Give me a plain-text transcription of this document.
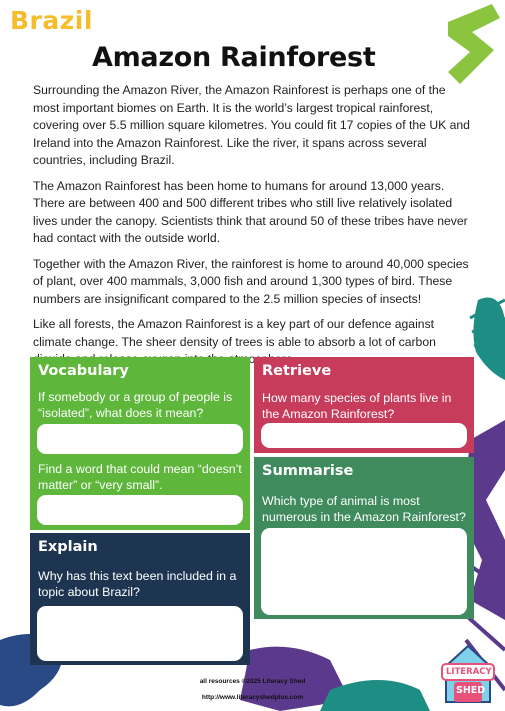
Brazil
Amazon Rainforest

Surrounding the Amazon River, the Amazon Rainforest is perhaps one of the most important biomes on Earth. It is the world’s largest tropical rainforest, covering over 5.5 million square kilometres. You could fit 17 copies of the UK and Ireland into the Amazon Rainforest. Like the river, it spans across several countries, including Brazil.

The Amazon Rainforest has been home to humans for around 13,000 years. There are between 400 and 500 different tribes who still live relatively isolated lives under the canopy. Scientists think that around 50 of these tribes have never had contact with the outside world.

Together with the Amazon River, the rainforest is home to around 40,000 species of plant, over 400 mammals, 3,000 fish and around 1,300 types of bird. These numbers are insignificant compared to the 2.5 million species of insects!

Like all forests, the Amazon Rainforest is a key part of our defence against climate change. The sheer density of trees is able to absorb a lot of carbon

Vocabulary
If somebody or a group of people is “isolated”, what does it mean?
Find a word that could mean “doesn’t matter” or “very small”.
Retrieve
How many species of plants live in the Amazon Rainforest?
Summarise
Which type of animal is most numerous in the Amazon Rainforest?
Explain
Why has this text been included in a topic about Brazil?
all resources ©2025 Literacy Shed
http://www.literacyshedplus.com
LITERACY
SHED
